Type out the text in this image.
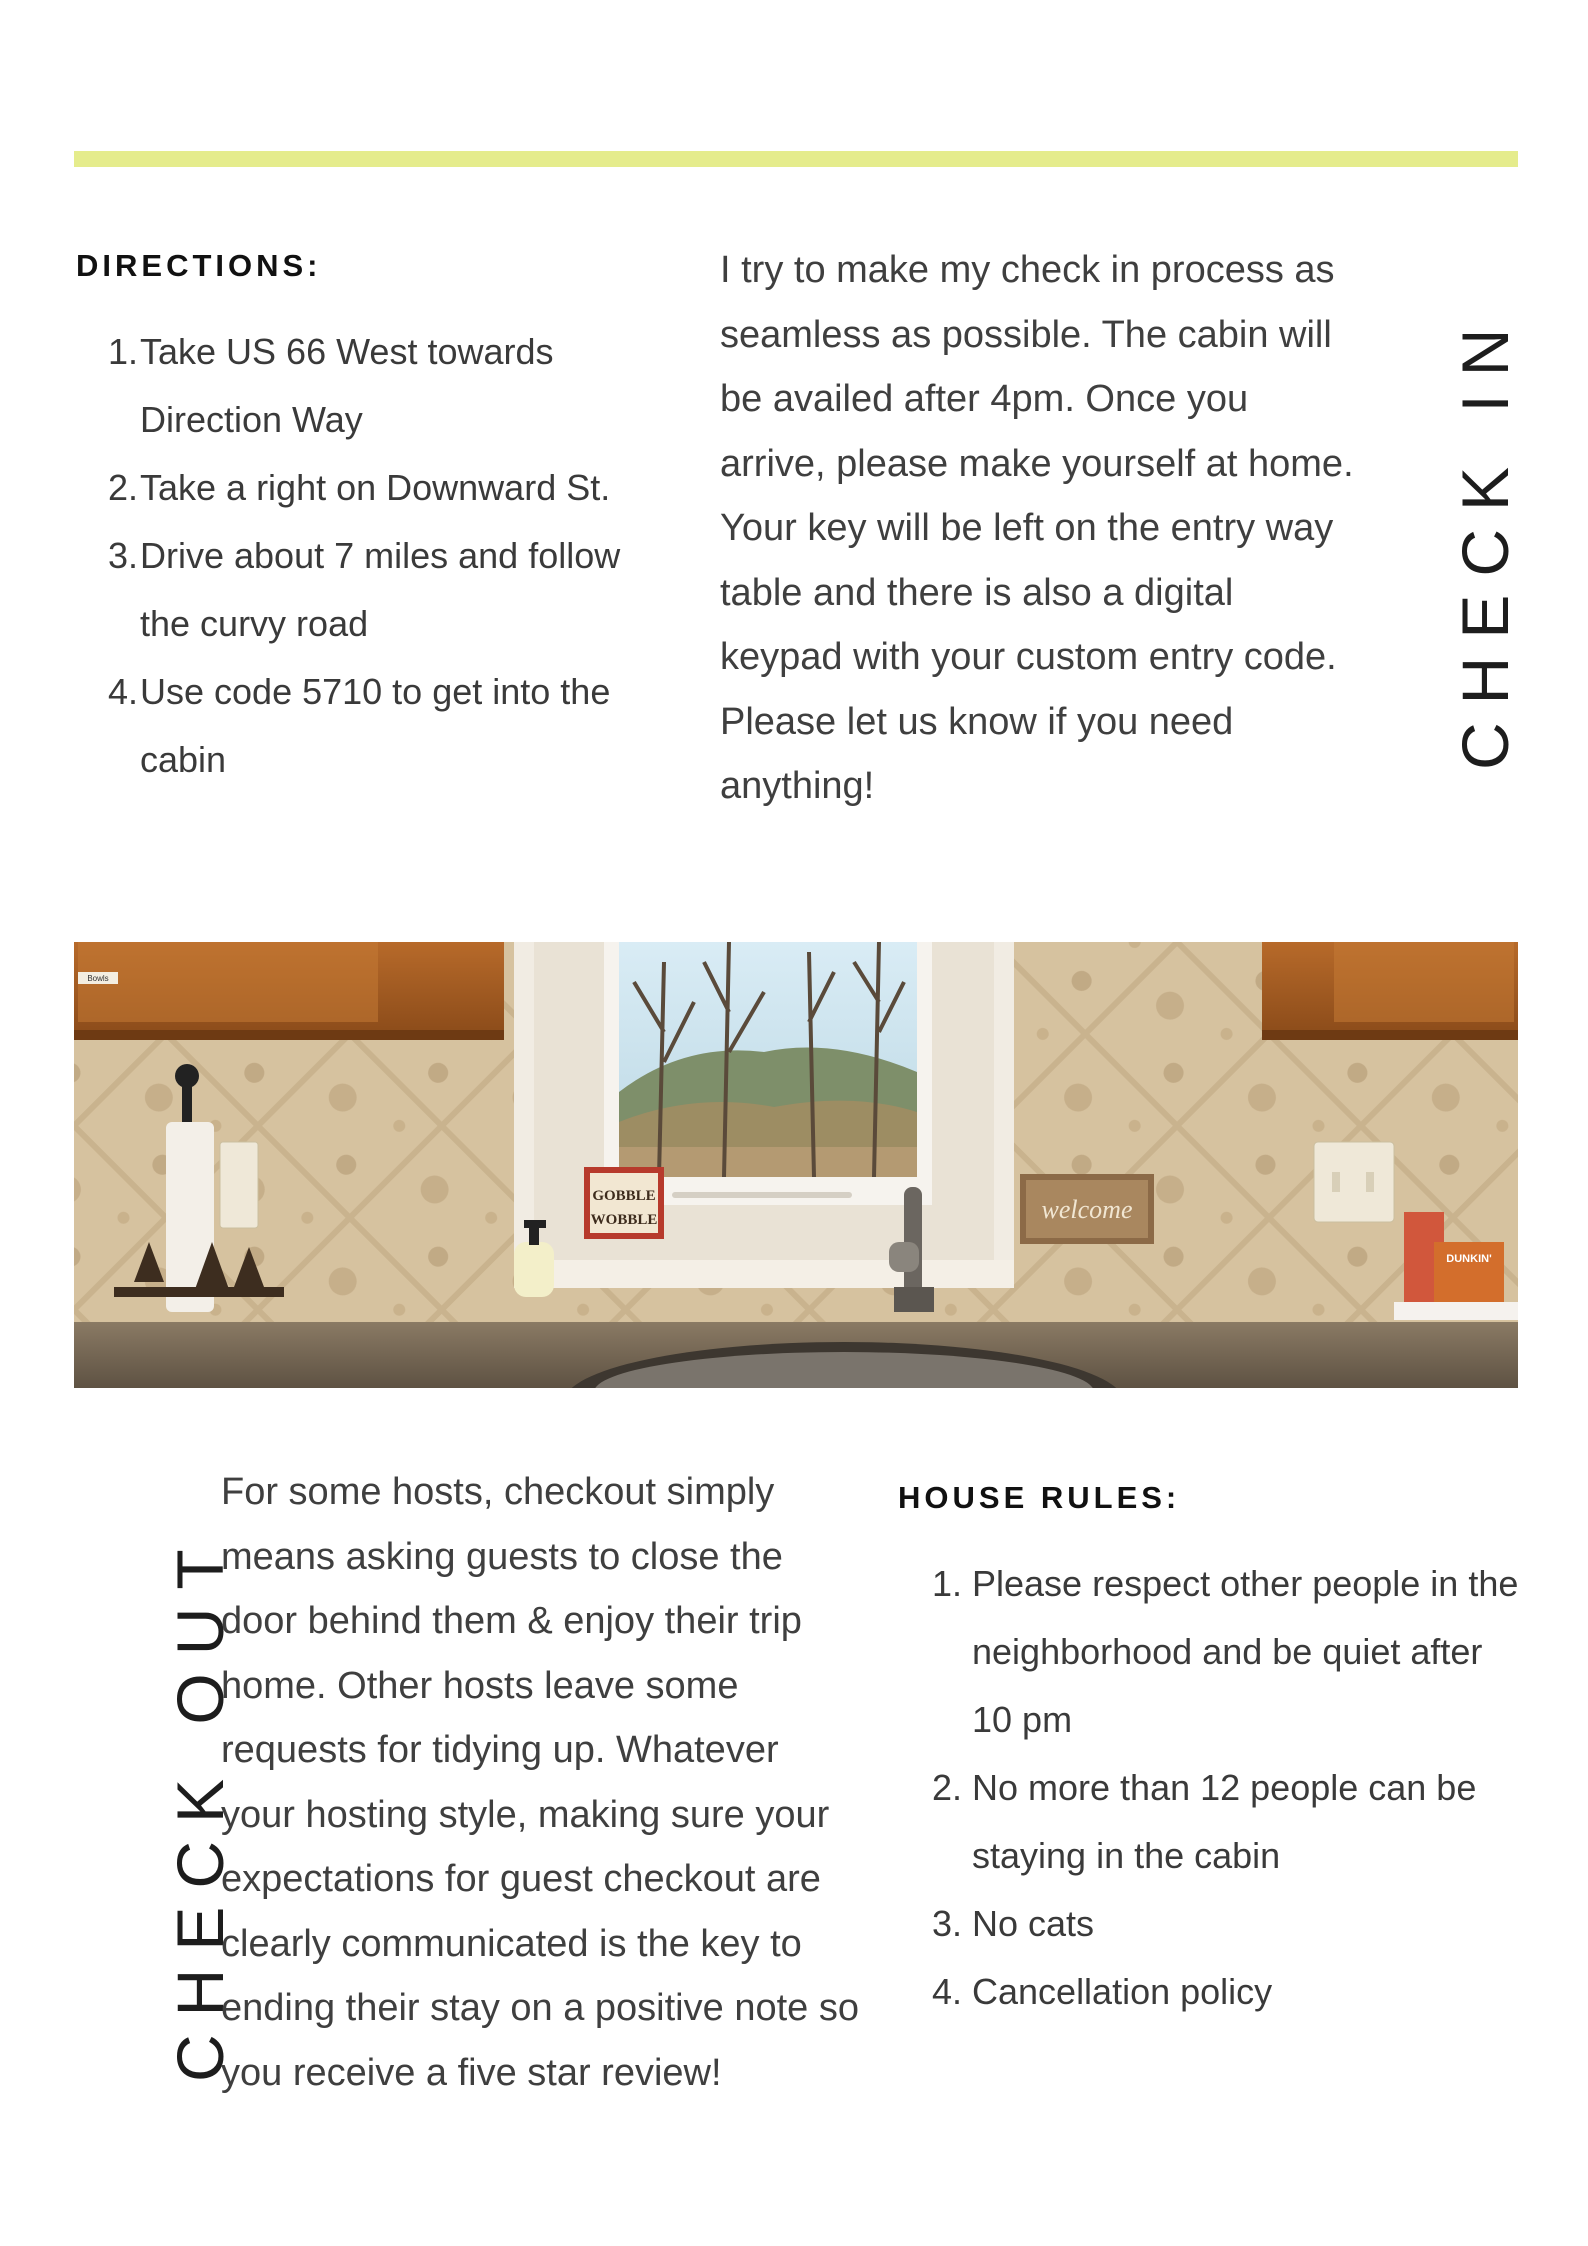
DIRECTIONS:
1. Take US 66 West towards Direction Way
2. Take a right on Downward St.
3. Drive about 7 miles and follow the curvy road
4. Use code 5710 to get into the cabin

I try to make my check in process as seamless as possible. The cabin will be availed after 4pm. Once you arrive, please make yourself at home. Your key will be left on the entry way table and there is also a digital keypad with your custom entry code. Please let us know if you need anything!

CHECK IN
GOBBLE
WOBBLE	welcome
DUNKIN'
Bowls
CHECK OUT

For some hosts, checkout simply means asking guests to close the door behind them & enjoy their trip home. Other hosts leave some requests for tidying up. Whatever your hosting style, making sure your expectations for guest checkout are clearly communicated is the key to ending their stay on a positive note so you receive a five star review!

HOUSE RULES:
1. Please respect other people in the neighborhood and be quiet after 10 pm
2. No more than 12 people can be staying in the cabin
3. No cats
4. Cancellation policy
